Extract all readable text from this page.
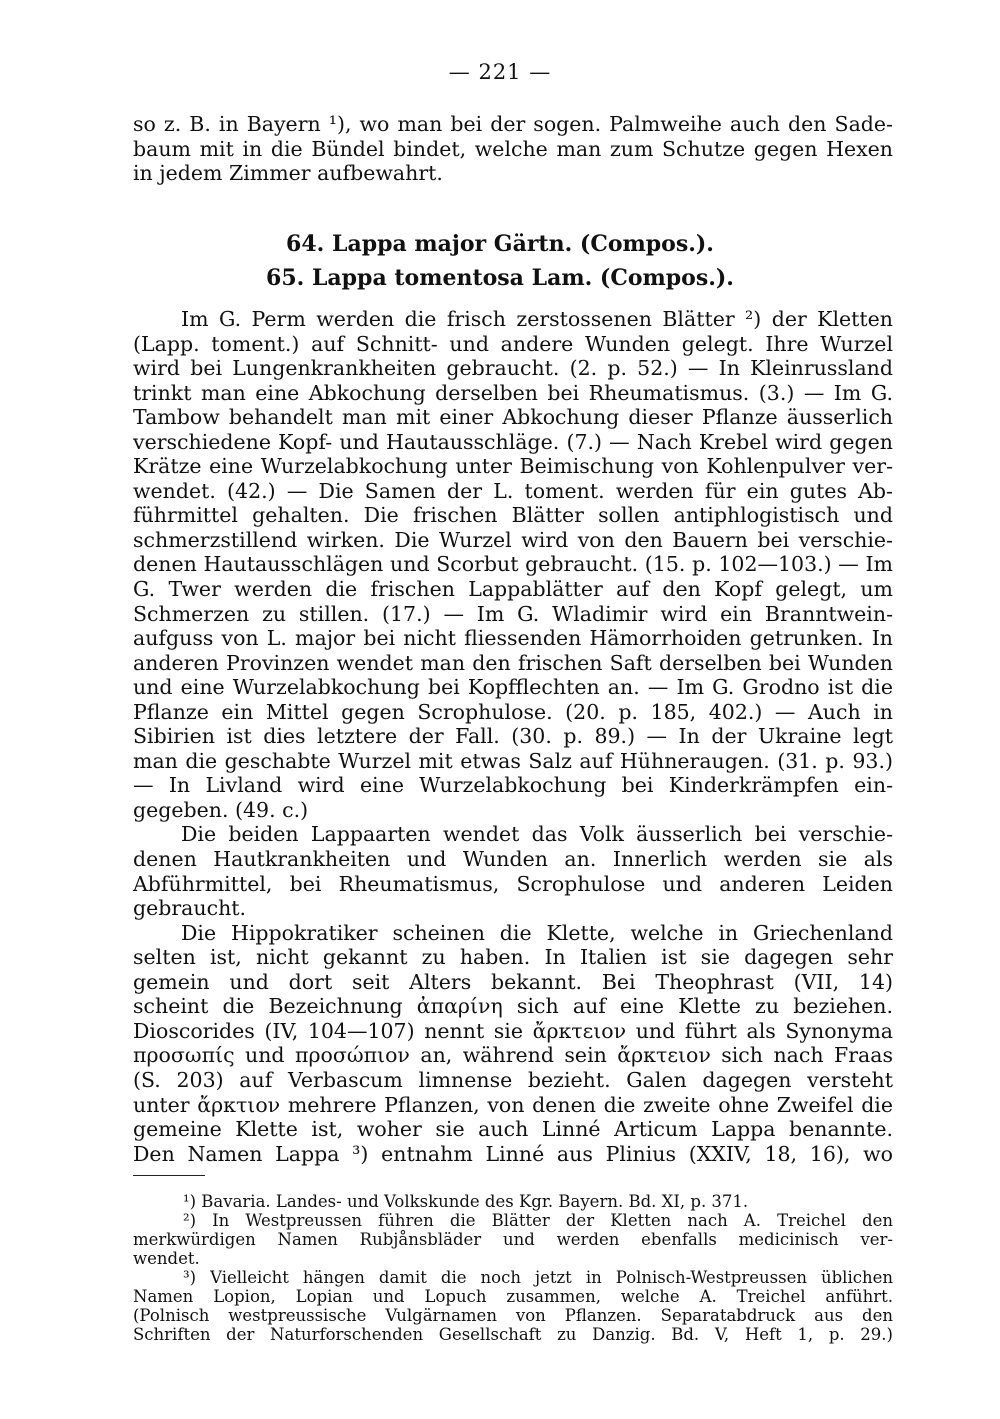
— 221 —
so z. B. in Bayern ¹), wo man bei der sogen. Palmweihe auch den Sade-
baum mit in die Bündel bindet, welche man zum Schutze gegen Hexen
in jedem Zimmer aufbewahrt.
64. Lappa major Gärtn. (Compos.).
65. Lappa tomentosa Lam. (Compos.).
Im G. Perm werden die frisch zerstossenen Blätter ²) der Kletten
(Lapp. toment.) auf Schnitt- und andere Wunden gelegt. Ihre Wurzel
wird bei Lungenkrankheiten gebraucht. (2. p. 52.) — In Kleinrussland
trinkt man eine Abkochung derselben bei Rheumatismus. (3.) — Im G.
Tambow behandelt man mit einer Abkochung dieser Pflanze äusserlich
verschiedene Kopf- und Hautausschläge. (7.) — Nach Krebel wird gegen
Krätze eine Wurzelabkochung unter Beimischung von Kohlenpulver ver-
wendet. (42.) — Die Samen der L. toment. werden für ein gutes Ab-
führmittel gehalten. Die frischen Blätter sollen antiphlogistisch und
schmerzstillend wirken. Die Wurzel wird von den Bauern bei verschie-
denen Hautausschlägen und Scorbut gebraucht. (15. p. 102—103.) — Im
G. Twer werden die frischen Lappablätter auf den Kopf gelegt, um
Schmerzen zu stillen. (17.) — Im G. Wladimir wird ein Branntwein-
aufguss von L. major bei nicht fliessenden Hämorrhoiden getrunken. In
anderen Provinzen wendet man den frischen Saft derselben bei Wunden
und eine Wurzelabkochung bei Kopfflechten an. — Im G. Grodno ist die
Pflanze ein Mittel gegen Scrophulose. (20. p. 185, 402.) — Auch in
Sibirien ist dies letztere der Fall. (30. p. 89.) — In der Ukraine legt
man die geschabte Wurzel mit etwas Salz auf Hühneraugen. (31. p. 93.)
— In Livland wird eine Wurzelabkochung bei Kinderkrämpfen ein-
gegeben. (49. c.)
Die beiden Lappaarten wendet das Volk äusserlich bei verschie-
denen Hautkrankheiten und Wunden an. Innerlich werden sie als
Abführmittel, bei Rheumatismus, Scrophulose und anderen Leiden
gebraucht.
Die Hippokratiker scheinen die Klette, welche in Griechenland
selten ist, nicht gekannt zu haben. In Italien ist sie dagegen sehr
gemein und dort seit Alters bekannt. Bei Theophrast (VII, 14)
scheint die Bezeichnung ἀπαρίνη sich auf eine Klette zu beziehen.
Dioscorides (IV, 104—107) nennt sie ἄρκτειον und führt als Synonyma
προσωπίς und προσώπιον an, während sein ἄρκτειον sich nach Fraas
(S. 203) auf Verbascum limnense bezieht. Galen dagegen versteht
unter ἄρκτιον mehrere Pflanzen, von denen die zweite ohne Zweifel die
gemeine Klette ist, woher sie auch Linné Articum Lappa benannte.
Den Namen Lappa ³) entnahm Linné aus Plinius (XXIV, 18, 16), wo
¹) Bavaria. Landes- und Volkskunde des Kgr. Bayern. Bd. XI, p. 371.
²) In Westpreussen führen die Blätter der Kletten nach A. Treichel den
merkwürdigen Namen Rubjånsbläder und werden ebenfalls medicinisch ver-
wendet.
³) Vielleicht hängen damit die noch jetzt in Polnisch-Westpreussen üblichen
Namen Lopion, Lopian und Lopuch zusammen, welche A. Treichel anführt.
(Polnisch westpreussische Vulgärnamen von Pflanzen. Separatabdruck aus den
Schriften der Naturforschenden Gesellschaft zu Danzig. Bd. V, Heft 1, p. 29.)
